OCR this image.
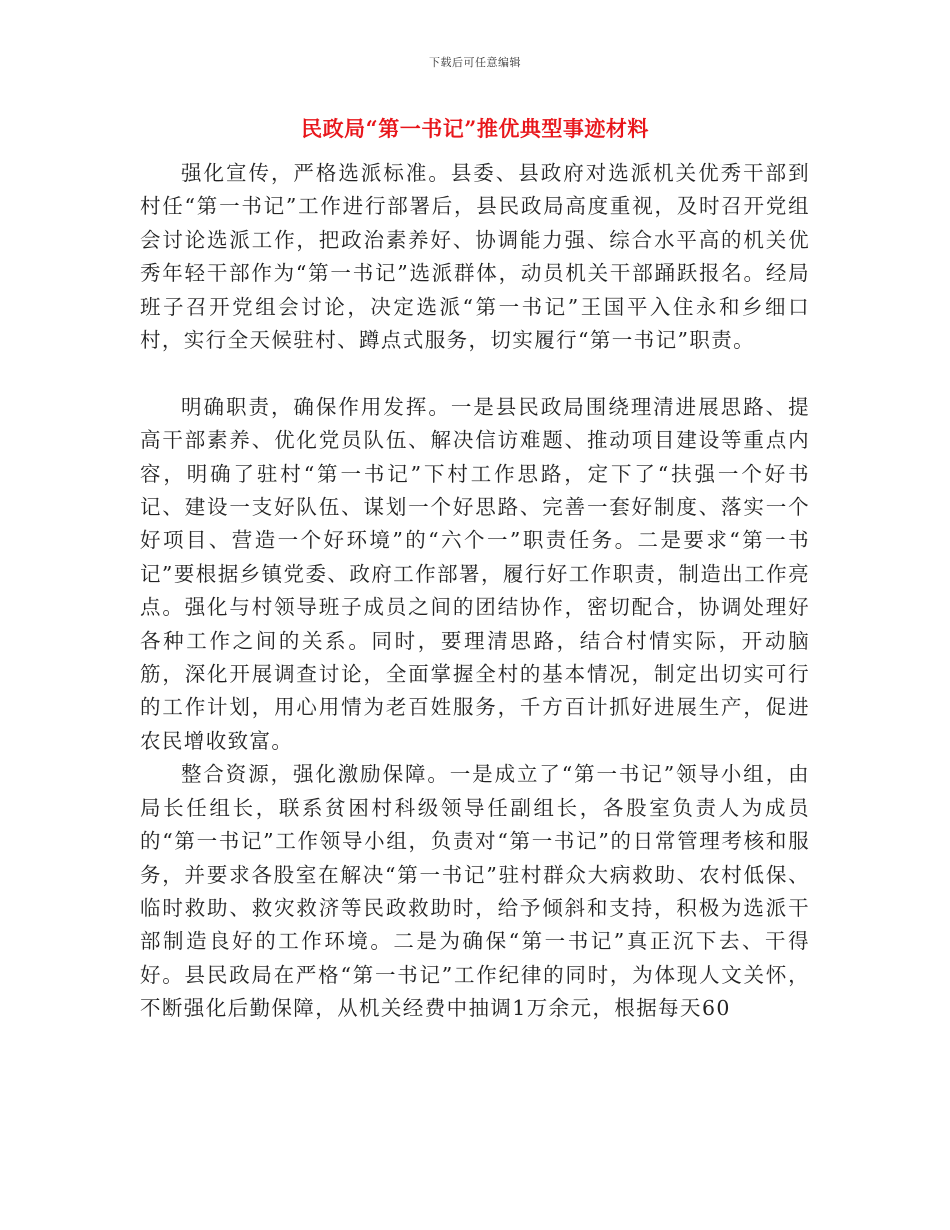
下载后可任意编辑
民政局“第一书记”推优典型事迹材料

强化宣传，严格选派标准。县委、县政府对选派机关优秀干部到村任“第一书记”工作进行部署后，县民政局高度重视，及时召开党组会讨论选派工作，把政治素养好、协调能力强、综合水平高的机关优秀年轻干部作为“第一书记”选派群体，动员机关干部踊跃报名。经局班子召开党组会讨论，决定选派“第一书记”王国平入住永和乡细口村，实行全天候驻村、蹲点式服务，切实履行“第一书记”职责。

明确职责，确保作用发挥。一是县民政局围绕理清进展思路、提高干部素养、优化党员队伍、解决信访难题、推动项目建设等重点内容，明确了驻村“第一书记”下村工作思路，定下了“扶强一个好书记、建设一支好队伍、谋划一个好思路、完善一套好制度、落实一个好项目、营造一个好环境”的“六个一”职责任务。二是要求“第一书记”要根据乡镇党委、政府工作部署，履行好工作职责，制造出工作亮点。强化与村领导班子成员之间的团结协作，密切配合，协调处理好各种工作之间的关系。同时，要理清思路，结合村情实际，开动脑筋，深化开展调查讨论，全面掌握全村的基本情况，制定出切实可行的工作计划，用心用情为老百姓服务，千方百计抓好进展生产，促进农民增收致富。

整合资源，强化激励保障。一是成立了“第一书记”领导小组，由局长任组长，联系贫困村科级领导任副组长，各股室负责人为成员的“第一书记”工作领导小组，负责对“第一书记”的日常管理考核和服务，并要求各股室在解决“第一书记”驻村群众大病救助、农村低保、临时救助、救灾救济等民政救助时，给予倾斜和支持，积极为选派干部制造良好的工作环境。二是为确保“第一书记”真正沉下去、干得好。县民政局在严格“第一书记”工作纪律的同时，为体现人文关怀，不断强化后勤保障，从机关经费中抽调1万余元，根据每天60
